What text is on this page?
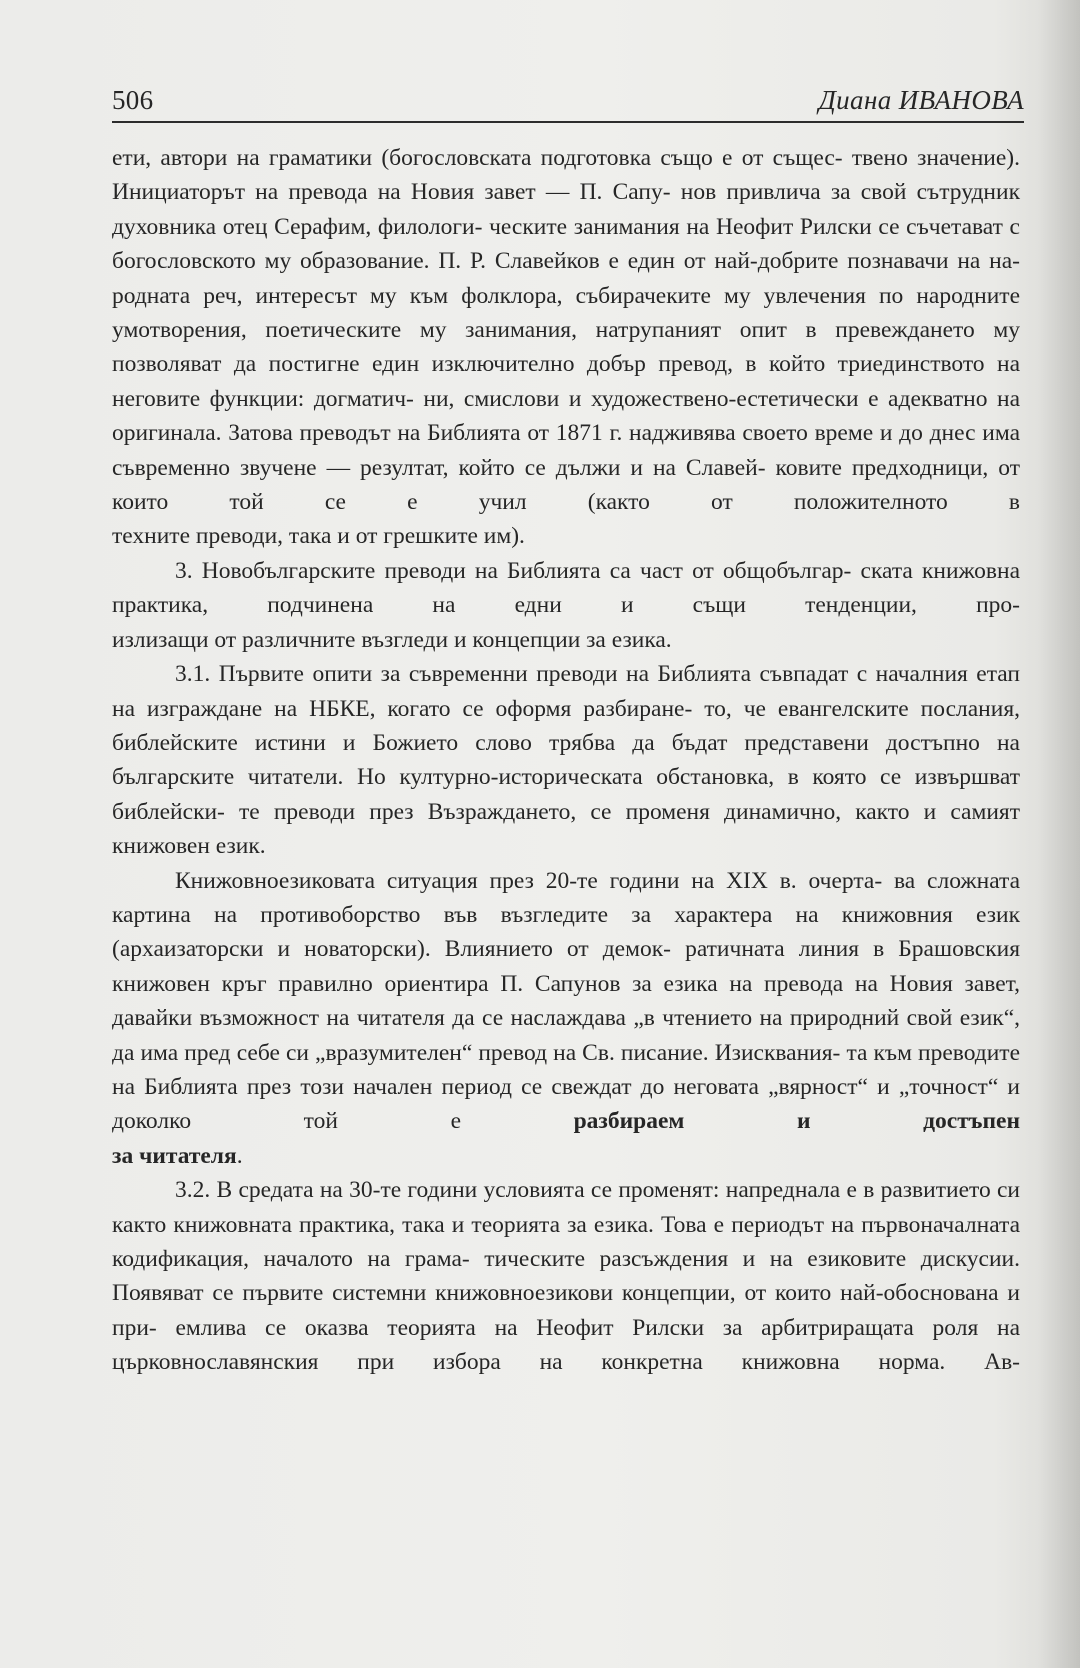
506	Диана ИВАНОВА

ети, автори на граматики (богословската подготовка също е от същес- твено значение). Инициаторът на превода на Новия завет — П. Сапу- нов привлича за свой сътрудник духовника отец Серафим, филологи- ческите занимания на Неофит Рилски се съчетават с богословското му образование. П. Р. Славейков е един от най-добрите познавачи на на- родната реч, интересът му към фолклора, събирачеките му увлечения по народните умотворения, поетическите му занимания, натрупаният опит в превеждането му позволяват да постигне един изключително добър превод, в който триединството на неговите функции: догматич- ни, смислови и художествено-естетически е адекватно на оригинала. Затова преводът на Библията от 1871 г. надживява своето време и до днес има съвременно звучене — резултат, който се дължи и на Славей- ковите предходници, от които той се е учил (както от положителното в

техните преводи, така и от грешките им).

3. Новобългарските преводи на Библията са част от общобългар- ската книжовна практика, подчинена на едни и същи тенденции, про-

излизащи от различните възгледи и концепции за езика.

3.1. Първите опити за съвременни преводи на Библията съвпадат с началния етап на изграждане на НБКЕ, когато се оформя разбиране- то, че евангелските послания, библейските истини и Божието слово трябва да бъдат представени достъпно на българските читатели. Но културно-историческата обстановка, в която се извършват библейски- те преводи през Възраждането, се променя динамично, както и самият

книжовен език.

Книжовноезиковата ситуация през 20-те години на XIX в. очерта- ва сложната картина на противоборство във възгледите за характера на книжовния език (архаизаторски и новаторски). Влиянието от демок- ратичната линия в Брашовския книжовен кръг правилно ориентира П. Сапунов за езика на превода на Новия завет, давайки възможност на читателя да се наслаждава „в чтението на природний свой език“, да има пред себе си „вразумителен“ превод на Св. писание. Изисквания- та към преводите на Библията през този начален период се свеждат до неговата „вярност“ и „точност“ и доколко той е	разбираем и достъпен

за читателя.

3.2. В средата на 30-те години условията се променят: напреднала е в развитието си както книжовната практика, така и теорията за езика. Това е периодът на първоначалната кодификация, началото на грама- тическите разсъждения и на езиковите дискусии. Появяват се първите системни книжовноезикови концепции, от които най-обоснована и при- емлива се оказва теорията на Неофит Рилски за арбитриращата роля на църковнославянския при избора на конкретна книжовна норма. Ав-
